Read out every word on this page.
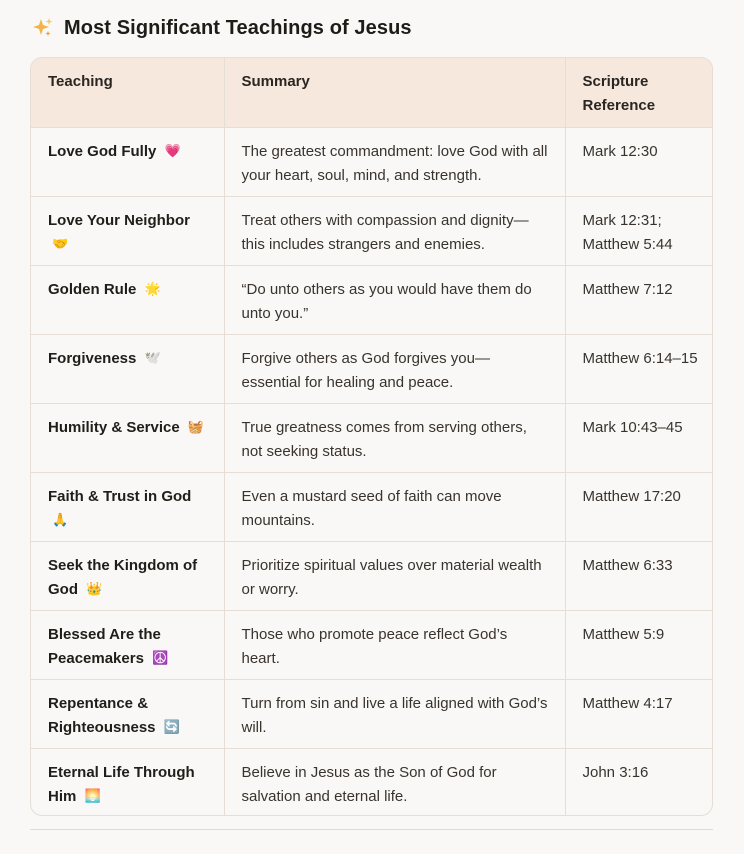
Most Significant Teachings of Jesus
Teaching	Summary	Scripture Reference
Love God Fully 💗	The greatest commandment: love God with all your heart, soul, mind, and strength.	Mark 12:30
Love Your Neighbor 🤝	Treat others with compassion and dignity—this includes strangers and enemies.	Mark 12:31; Matthew 5:44
Golden Rule 🌟	“Do unto others as you would have them do unto you.”	Matthew 7:12
Forgiveness 🕊️	Forgive others as God forgives you—essential for healing and peace.	Matthew 6:14–15
Humility & Service 🧺	True greatness comes from serving others, not seeking status.	Mark 10:43–45
Faith & Trust in God 🙏	Even a mustard seed of faith can move mountains.	Matthew 17:20
Seek the Kingdom of God 👑	Prioritize spiritual values over material wealth or worry.	Matthew 6:33
Blessed Are the Peacemakers ☮️	Those who promote peace reflect God’s heart.	Matthew 5:9
Repentance & Righteousness 🔄	Turn from sin and live a life aligned with God’s will.	Matthew 4:17
Eternal Life Through Him 🌅	Believe in Jesus as the Son of God for salvation and eternal life.	John 3:16
